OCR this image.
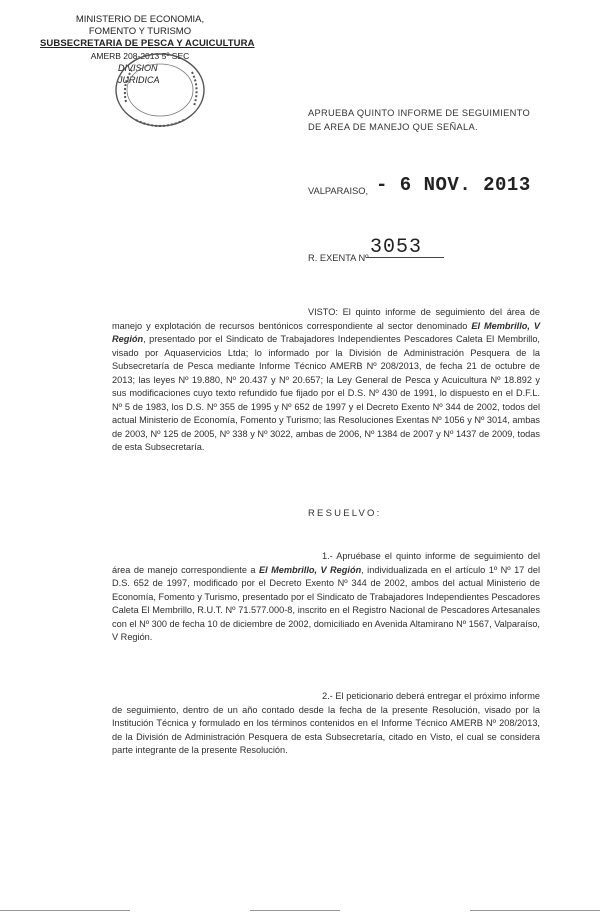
MINISTERIO DE ECONOMIA,
FOMENTO Y TURISMO
SUBSECRETARIA DE PESCA Y ACUICULTURA
AMERB 208-2013 5º SEC
DIVISION
JURIDICA
APRUEBA QUINTO INFORME DE SEGUIMIENTO DE AREA DE MANEJO QUE SEÑALA.
VALPARAISO, - 6 NOV. 2013
R. EXENTA Nº 3053
VISTO: El quinto informe de seguimiento del área de manejo y explotación de recursos bentónicos correspondiente al sector denominado El Membrillo, V Región, presentado por el Sindicato de Trabajadores Independientes Pescadores Caleta El Membrillo, visado por Aquaservicios Ltda; lo informado por la División de Administración Pesquera de la Subsecretaría de Pesca mediante Informe Técnico AMERB Nº 208/2013, de fecha 21 de octubre de 2013; las leyes Nº 19.880, Nº 20.437 y Nº 20.657; la Ley General de Pesca y Acuicultura Nº 18.892 y sus modificaciones cuyo texto refundido fue fijado por el D.S. Nº 430 de 1991, lo dispuesto en el D.F.L. Nº 5 de 1983, los D.S. Nº 355 de 1995 y Nº 652 de 1997 y el Decreto Exento Nº 344 de 2002, todos del actual Ministerio de Economía, Fomento y Turismo; las Resoluciones Exentas Nº 1056 y Nº 3014, ambas de 2003, Nº 125 de 2005, Nº 338 y Nº 3022, ambas de 2006, Nº 1384 de 2007 y Nº 1437 de 2009, todas de esta Subsecretaría.
RESUELVO:
1.- Apruébase el quinto informe de seguimiento del área de manejo correspondiente a El Membrillo, V Región, individualizada en el artículo 1º Nº 17 del D.S. 652 de 1997, modificado por el Decreto Exento Nº 344 de 2002, ambos del actual Ministerio de Economía, Fomento y Turismo, presentado por el Sindicato de Trabajadores Independientes Pescadores Caleta El Membrillo, R.U.T. Nº 71.577.000-8, inscrito en el Registro Nacional de Pescadores Artesanales con el Nº 300 de fecha 10 de diciembre de 2002, domiciliado en Avenida Altamirano Nº 1567, Valparaíso, V Región.
2.- El peticionario deberá entregar el próximo informe de seguimiento, dentro de un año contado desde la fecha de la presente Resolución, visado por la Institución Técnica y formulado en los términos contenidos en el Informe Técnico AMERB Nº 208/2013, de la División de Administración Pesquera de esta Subsecretaría, citado en Visto, el cual se considera parte integrante de la presente Resolución.
